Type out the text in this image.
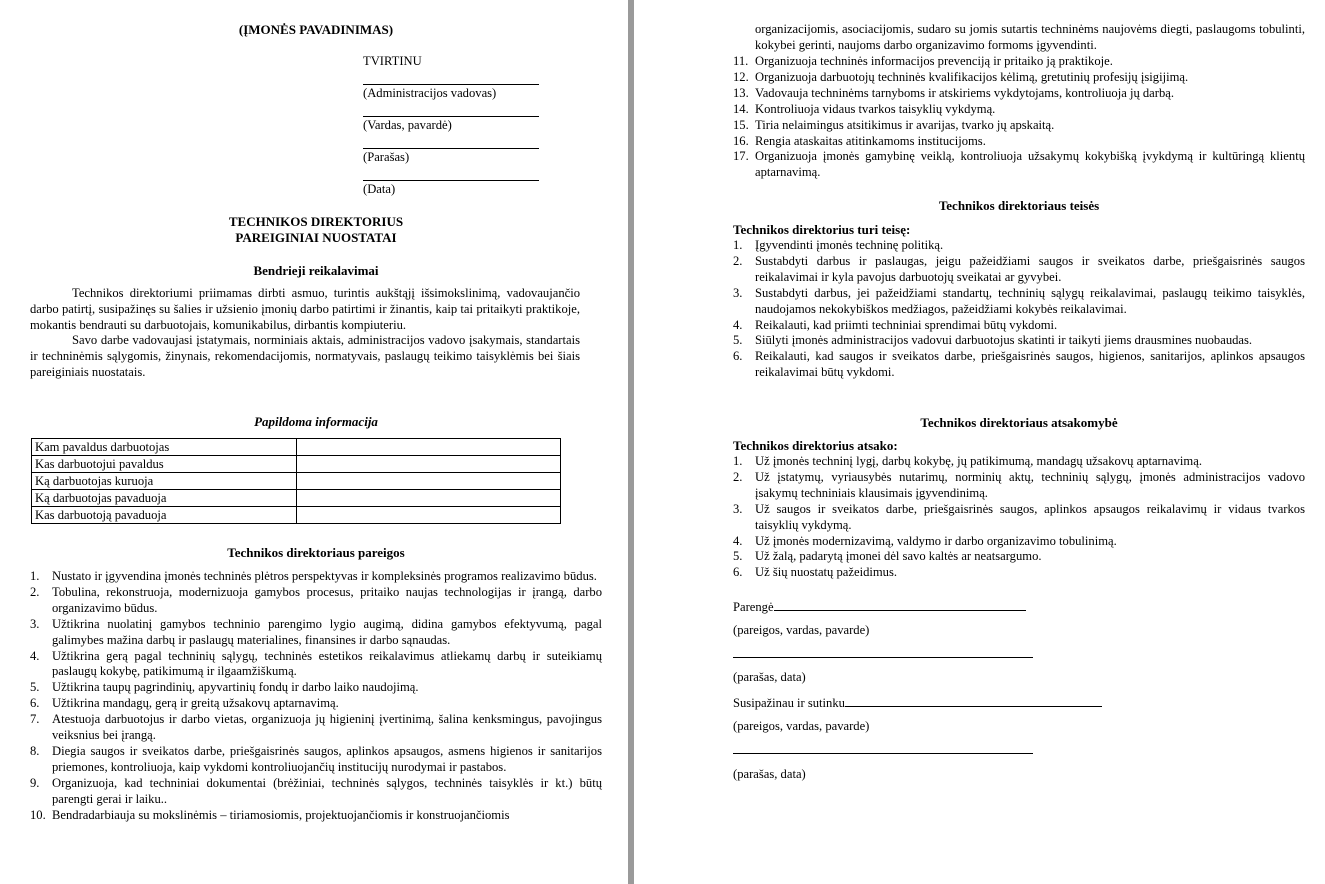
(ĮMONĖS PAVADINIMAS)
TVIRTINU
(Administracijos vadovas)
(Vardas, pavardė)
(Parašas)
(Data)
TECHNIKOS DIREKTORIUS
PAREIGINIAI NUOSTATAI
Bendrieji reikalavimai

Technikos direktoriumi priimamas dirbti asmuo, turintis aukštąjį išsimokslinimą, vadovaujančio darbo patirtį, susipažinęs su šalies ir užsienio įmonių darbo patirtimi ir žinantis, kaip tai pritaikyti praktikoje, mokantis bendrauti su darbuotojais, komunikabilus, dirbantis kompiuteriu.

Savo darbe vadovaujasi įstatymais, norminiais aktais, administracijos vadovo įsakymais, standartais ir techninėmis sąlygomis, žinynais, rekomendacijomis, normatyvais, paslaugų teikimo taisyklėmis bei šiais pareiginiais nuostatais.

Papildoma informacija
Kam pavaldus darbuotojas	
Kas darbuotojui pavaldus	
Ką darbuotojas kuruoja	
Ką darbuotojas pavaduoja	
Kas darbuotoją pavaduoja	
Technikos direktoriaus pareigos
1. Nustato ir įgyvendina įmonės techninės plėtros perspektyvas ir kompleksinės programos realizavimo būdus.
2. Tobulina, rekonstruoja, modernizuoja gamybos procesus, pritaiko naujas technologijas ir įrangą, darbo organizavimo būdus.
3. Užtikrina nuolatinį gamybos techninio parengimo lygio augimą, didina gamybos efektyvumą, pagal galimybes mažina darbų ir paslaugų materialines, finansines ir darbo sąnaudas.
4. Užtikrina gerą pagal techninių sąlygų, techninės estetikos reikalavimus atliekamų darbų ir suteikiamų paslaugų kokybę, patikimumą ir ilgaamžiškumą.
5. Užtikrina taupų pagrindinių, apyvartinių fondų ir darbo laiko naudojimą.
6. Užtikrina mandagų, gerą ir greitą užsakovų aptarnavimą.
7. Atestuoja darbuotojus ir darbo vietas, organizuoja jų higieninį įvertinimą, šalina kenksmingus, pavojingus veiksnius bei įrangą.
8. Diegia saugos ir sveikatos darbe, priešgaisrinės saugos, aplinkos apsaugos, asmens higienos ir sanitarijos priemones, kontroliuoja, kaip vykdomi kontroliuojančių institucijų nurodymai ir pastabos.
9. Organizuoja, kad techniniai dokumentai (brėžiniai, techninės sąlygos, techninės taisyklės ir kt.) būtų parengti gerai ir laiku..
10. Bendradarbiauja su mokslinėmis – tiriamosiomis, projektuojančiomis ir konstruojančiomis
organizacijomis, asociacijomis, sudaro su jomis sutartis techninėms naujovėms diegti, paslaugoms tobulinti, kokybei gerinti, naujoms darbo organizavimo formoms įgyvendinti.
11. Organizuoja techninės informacijos prevenciją ir pritaiko ją praktikoje.
12. Organizuoja darbuotojų techninės kvalifikacijos kėlimą, gretutinių profesijų įsigijimą.
13. Vadovauja techninėms tarnyboms ir atskiriems vykdytojams, kontroliuoja jų darbą.
14. Kontroliuoja vidaus tvarkos taisyklių vykdymą.
15. Tiria nelaimingus atsitikimus ir avarijas, tvarko jų apskaitą.
16. Rengia ataskaitas atitinkamoms institucijoms.
17. Organizuoja įmonės gamybinę veiklą, kontroliuoja užsakymų kokybišką įvykdymą ir kultūringą klientų aptarnavimą.
Technikos direktoriaus teisės
Technikos direktorius turi teisę:
1. Įgyvendinti įmonės techninę politiką.
2. Sustabdyti darbus ir paslaugas, jeigu pažeidžiami saugos ir sveikatos darbe, priešgaisrinės saugos reikalavimai ir kyla pavojus darbuotojų sveikatai ar gyvybei.
3. Sustabdyti darbus, jei pažeidžiami standartų, techninių sąlygų reikalavimai, paslaugų teikimo taisyklės, naudojamos nekokybiškos medžiagos, pažeidžiami kokybės reikalavimai.
4. Reikalauti, kad priimti techniniai sprendimai būtų vykdomi.
5. Siūlyti įmonės administracijos vadovui darbuotojus skatinti ir taikyti jiems drausmines nuobaudas.
6. Reikalauti, kad saugos ir sveikatos darbe, priešgaisrinės saugos, higienos, sanitarijos, aplinkos apsaugos reikalavimai būtų vykdomi.
Technikos direktoriaus atsakomybė
Technikos direktorius atsako:
1. Už įmonės techninį lygį, darbų kokybę, jų patikimumą, mandagų užsakovų aptarnavimą.
2. Už įstatymų, vyriausybės nutarimų, norminių aktų, techninių sąlygų, įmonės administracijos vadovo įsakymų techniniais klausimais įgyvendinimą.
3. Už saugos ir sveikatos darbe, priešgaisrinės saugos, aplinkos apsaugos reikalavimų ir vidaus tvarkos taisyklių vykdymą.
4. Už įmonės modernizavimą, valdymo ir darbo organizavimo tobulinimą.
5. Už žalą, padarytą įmonei dėl savo kaltės ar neatsargumo.
6. Už šių nuostatų pažeidimus.
Parengė
(pareigos, vardas, pavarde)
(parašas, data)
Susipažinau ir sutinku
(pareigos, vardas, pavarde)
(parašas, data)
